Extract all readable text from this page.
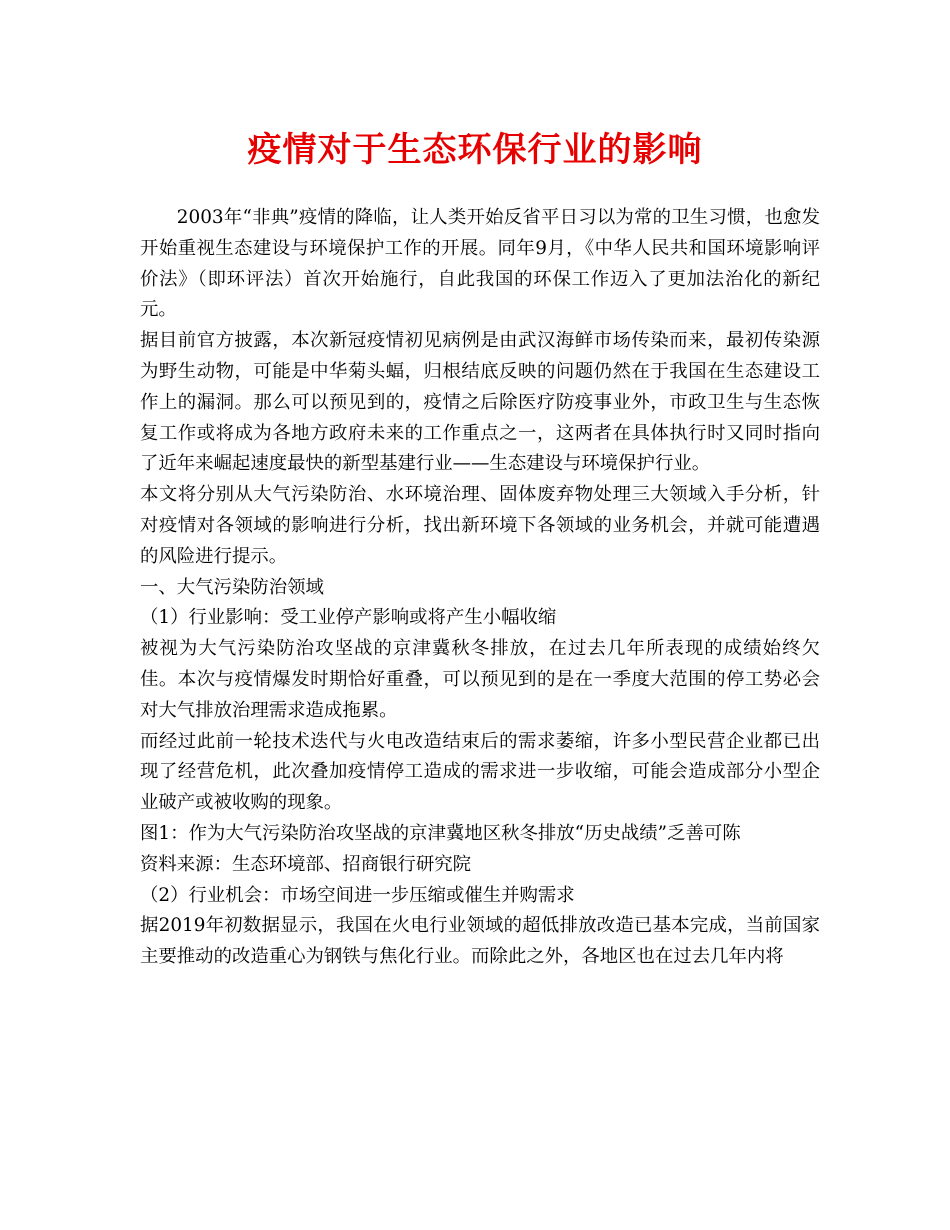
疫情对于生态环保行业的影响

2003年“非典”疫情的降临，让人类开始反省平日习以为常的卫生习惯，也愈发开始重视生态建设与环境保护工作的开展。同年9月，《中华人民共和国环境影响评价法》（即环评法）首次开始施行，自此我国的环保工作迈入了更加法治化的新纪元。

据目前官方披露，本次新冠疫情初见病例是由武汉海鲜市场传染而来，最初传染源为野生动物，可能是中华菊头蝠，归根结底反映的问题仍然在于我国在生态建设工作上的漏洞。那么可以预见到的，疫情之后除医疗防疫事业外，市政卫生与生态恢复工作或将成为各地方政府未来的工作重点之一，这两者在具体执行时又同时指向了近年来崛起速度最快的新型基建行业——生态建设与环境保护行业。

本文将分别从大气污染防治、水环境治理、固体废弃物处理三大领域入手分析，针对疫情对各领域的影响进行分析，找出新环境下各领域的业务机会，并就可能遭遇的风险进行提示。

一、大气污染防治领域

（1）行业影响：受工业停产影响或将产生小幅收缩

被视为大气污染防治攻坚战的京津冀秋冬排放，在过去几年所表现的成绩始终欠佳。本次与疫情爆发时期恰好重叠，可以预见到的是在一季度大范围的停工势必会对大气排放治理需求造成拖累。

而经过此前一轮技术迭代与火电改造结束后的需求萎缩，许多小型民营企业都已出现了经营危机，此次叠加疫情停工造成的需求进一步收缩，可能会造成部分小型企业破产或被收购的现象。

图1：作为大气污染防治攻坚战的京津冀地区秋冬排放“历史战绩”乏善可陈

资料来源：生态环境部、招商银行研究院

（2）行业机会：市场空间进一步压缩或催生并购需求

据2019年初数据显示，我国在火电行业领域的超低排放改造已基本完成，当前国家主要推动的改造重心为钢铁与焦化行业。而除此之外，各地区也在过去几年内将
